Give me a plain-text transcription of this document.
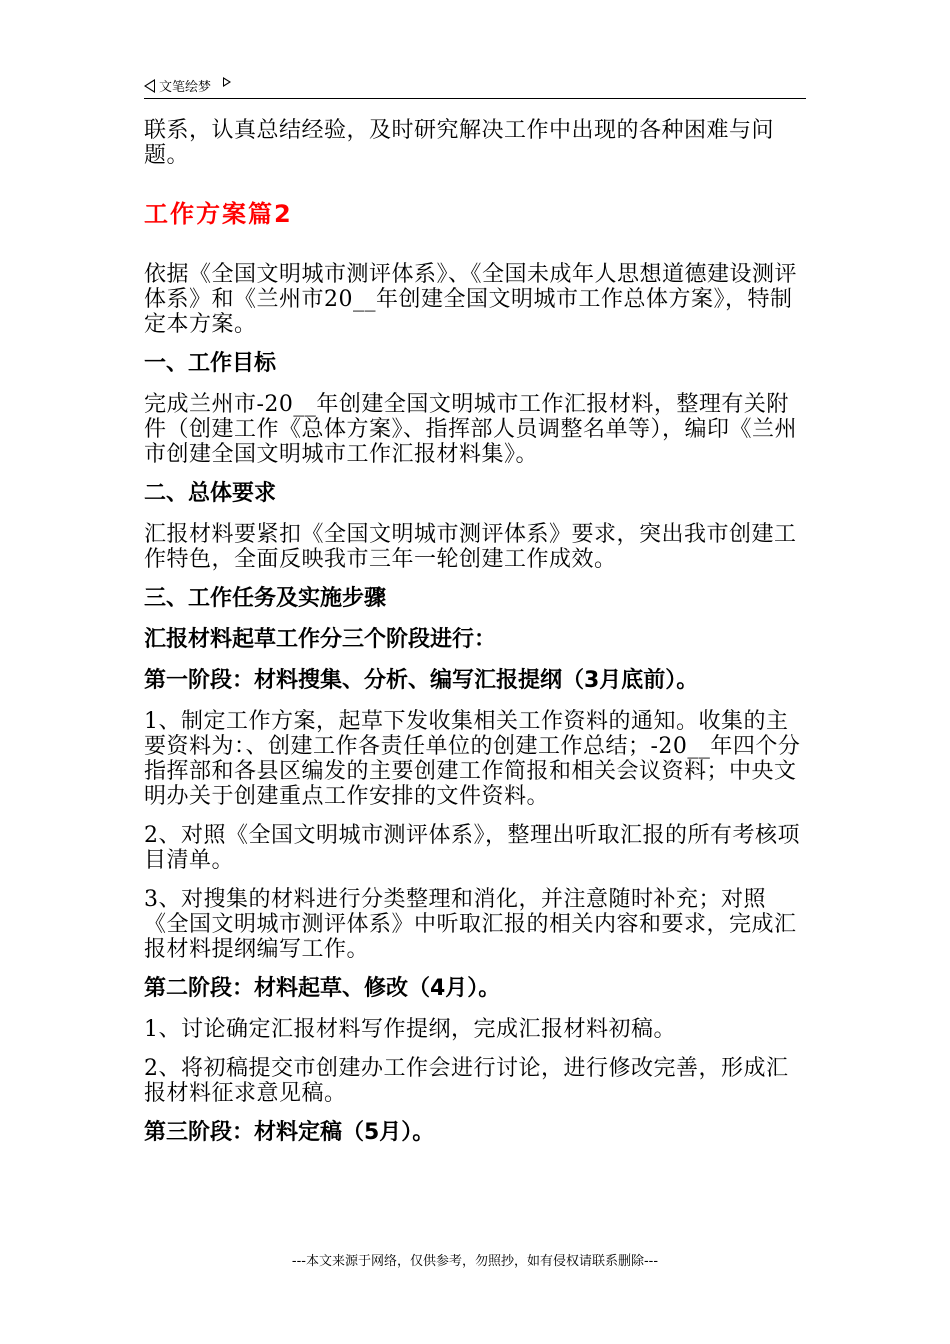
文笔绘梦

联系，认真总结经验，及时研究解决工作中出现的各种困难与问题。

工作方案篇2

依据《全国文明城市测评体系》、《全国未成年人思想道德建设测评体系》和《兰州市20__年创建全国文明城市工作总体方案》，特制定本方案。

一、工作目标

完成兰州市-20__年创建全国文明城市工作汇报材料，整理有关附件（创建工作《总体方案》、指挥部人员调整名单等），编印《兰州市创建全国文明城市工作汇报材料集》。

二、总体要求

汇报材料要紧扣《全国文明城市测评体系》要求，突出我市创建工作特色，全面反映我市三年一轮创建工作成效。

三、工作任务及实施步骤
汇报材料起草工作分三个阶段进行：
第一阶段：材料搜集、分析、编写汇报提纲（3月底前）。

1、制定工作方案，起草下发收集相关工作资料的通知。收集的主要资料为：、创建工作各责任单位的创建工作总结；-20__年四个分指挥部和各县区编发的主要创建工作简报和相关会议资料；中央文明办关于创建重点工作安排的文件资料。

2、对照《全国文明城市测评体系》，整理出听取汇报的所有考核项目清单。

3、对搜集的材料进行分类整理和消化，并注意随时补充；对照《全国文明城市测评体系》中听取汇报的相关内容和要求，完成汇报材料提纲编写工作。

第二阶段：材料起草、修改（4月）。

1、讨论确定汇报材料写作提纲，完成汇报材料初稿。

2、将初稿提交市创建办工作会进行讨论，进行修改完善，形成汇报材料征求意见稿。

第三阶段：材料定稿（5月）。
---本文来源于网络，仅供参考，勿照抄，如有侵权请联系删除---
